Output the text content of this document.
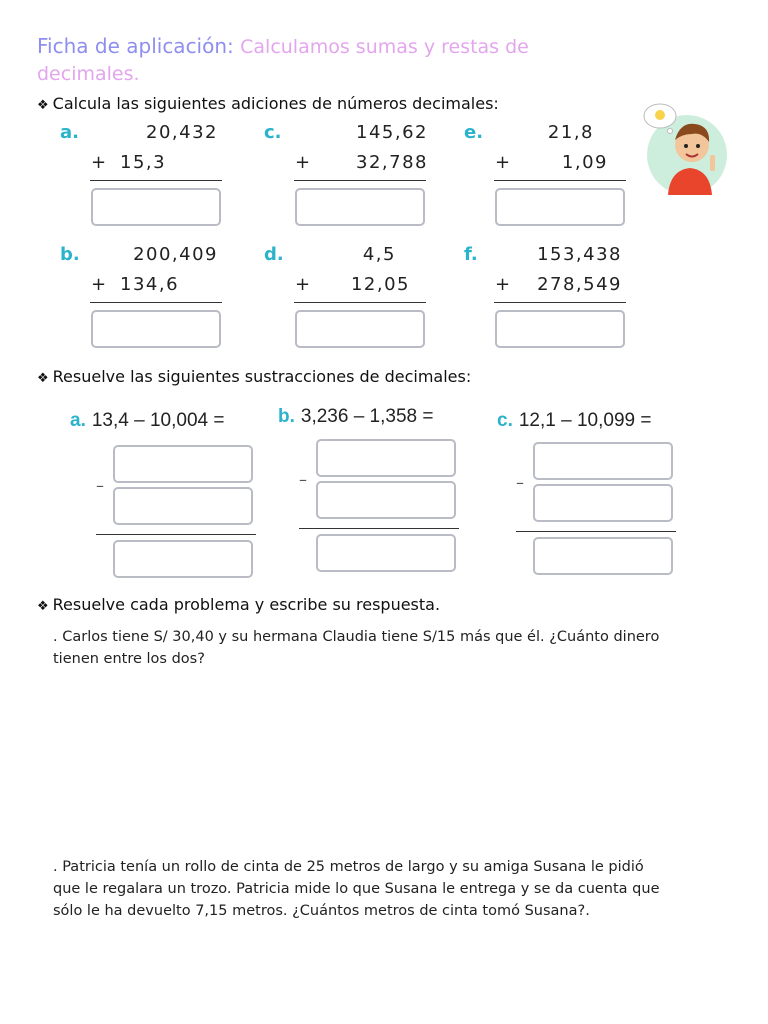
Ficha de aplicación: Calculamos sumas y restas de decimales.
❖ Calcula las siguientes adiciones de números decimales:
a.	20,432
+ 15,3
c.	145,62
+	32,788
e.	21,8
+	1,09
b.	200,409
+ 134,6
d.	4,5
+	12,05
f.	153,438
+	278,549
❖ Resuelve las siguientes sustracciones de decimales:
a. 13,4 – 10,004 =
–
b. 3,236 – 1,358 =
–
c. 12,1 – 10,099 =
–
❖ Resuelve cada problema y escribe su respuesta.
. Carlos tiene S/ 30,40 y su hermana Claudia tiene S/15 más que él. ¿Cuánto dinero tienen entre los dos?
. Patricia tenía un rollo de cinta de 25 metros de largo y su amiga Susana le pidió que le regalara un trozo. Patricia mide lo que Susana le entrega y se da cuenta que sólo le ha devuelto 7,15 metros. ¿Cuántos metros de cinta tomó Susana?.
